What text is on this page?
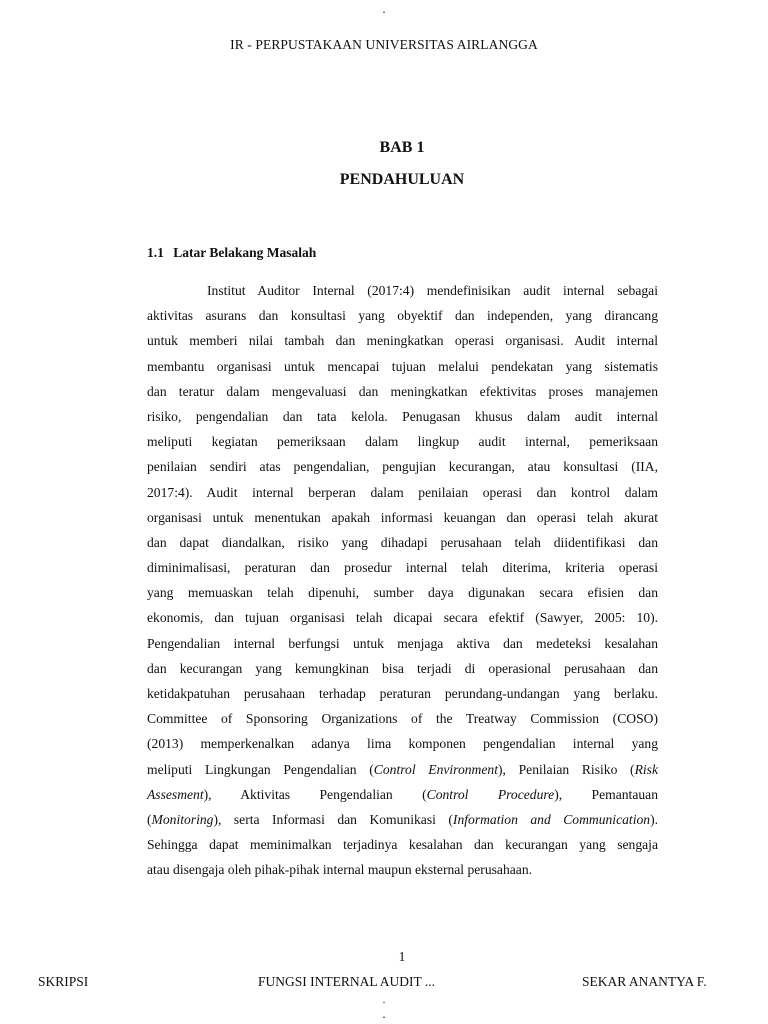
.
IR - PERPUSTAKAAN UNIVERSITAS AIRLANGGA
BAB 1
PENDAHULUAN
1.1 Latar Belakang Masalah
Institut Auditor Internal (2017:4) mendefinisikan audit internal sebagai
aktivitas asurans dan konsultasi yang obyektif dan independen, yang dirancang
untuk memberi nilai tambah dan meningkatkan operasi organisasi. Audit internal
membantu organisasi untuk mencapai tujuan melalui pendekatan yang sistematis
dan teratur dalam mengevaluasi dan meningkatkan efektivitas proses manajemen
risiko, pengendalian dan tata kelola. Penugasan khusus dalam audit internal
meliputi kegiatan pemeriksaan dalam lingkup audit internal, pemeriksaan
penilaian sendiri atas pengendalian, pengujian kecurangan, atau konsultasi (IIA,
2017:4). Audit internal berperan dalam penilaian operasi dan kontrol dalam
organisasi untuk menentukan apakah informasi keuangan dan operasi telah akurat
dan dapat diandalkan, risiko yang dihadapi perusahaan telah diidentifikasi dan
diminimalisasi, peraturan dan prosedur internal telah diterima, kriteria operasi
yang memuaskan telah dipenuhi, sumber daya digunakan secara efisien dan
ekonomis, dan tujuan organisasi telah dicapai secara efektif (Sawyer, 2005: 10).
Pengendalian internal berfungsi untuk menjaga aktiva dan medeteksi kesalahan
dan kecurangan yang kemungkinan bisa terjadi di operasional perusahaan dan
ketidakpatuhan perusahaan terhadap peraturan perundang-undangan yang berlaku.
Committee of Sponsoring Organizations of the Treatway Commission (COSO)
(2013) memperkenalkan adanya lima komponen pengendalian internal yang
meliputi Lingkungan Pengendalian (Control Environment), Penilaian Risiko (Risk
Assesment), Aktivitas Pengendalian (Control Procedure), Pemantauan
(Monitoring), serta Informasi dan Komunikasi (Information and Communication).
Sehingga dapat meminimalkan terjadinya kesalahan dan kecurangan yang sengaja
atau disengaja oleh pihak-pihak internal maupun eksternal perusahaan.
1
SKRIPSI	FUNGSI INTERNAL AUDIT ...	SEKAR ANANTYA F.
.
.
